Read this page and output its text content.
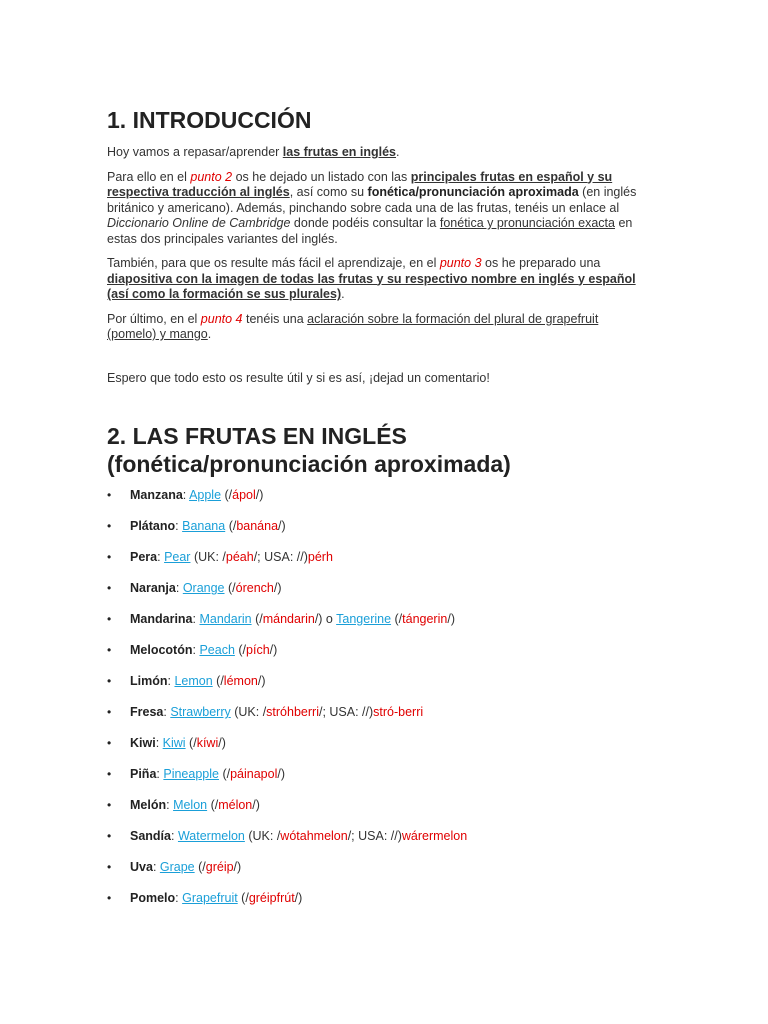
1. INTRODUCCIÓN

Hoy vamos a repasar/aprender las frutas en inglés.

Para ello en el punto 2 os he dejado un listado con las principales frutas en español y su respectiva traducción al inglés, así como su fonética/pronunciación aproximada (en inglés británico y americano). Además, pinchando sobre cada una de las frutas, tenéis un enlace al Diccionario Online de Cambridge donde podéis consultar la fonética y pronunciación exacta en estas dos principales variantes del inglés.

También, para que os resulte más fácil el aprendizaje, en el punto 3 os he preparado una diapositiva con la imagen de todas las frutas y su respectivo nombre en inglés y español (así como la formación se sus plurales).

Por último, en el punto 4 tenéis una aclaración sobre la formación del plural de grapefruit (pomelo) y mango.

Espero que todo esto os resulte útil y si es así, ¡dejad un comentario!

2. LAS FRUTAS EN INGLÉS
(fonética/pronunciación aproximada)
• Manzana: Apple (/ápol/)
• Plátano: Banana (/banána/)
• Pera: Pear (UK: /péah/; USA: //)pérh
• Naranja: Orange (/órench/)
• Mandarina: Mandarin (/mándarin/) o Tangerine (/tángerin/)
• Melocotón: Peach (/pích/)
• Limón: Lemon (/lémon/)
• Fresa: Strawberry (UK: /stróhberri/; USA: //)stró-berri
• Kiwi: Kiwi (/kíwi/)
• Piña: Pineapple (/páinapol/)
• Melón: Melon (/mélon/)
• Sandía: Watermelon (UK: /wótahmelon/; USA: //)wárermelon
• Uva: Grape (/gréip/)
• Pomelo: Grapefruit (/gréipfrút/)
